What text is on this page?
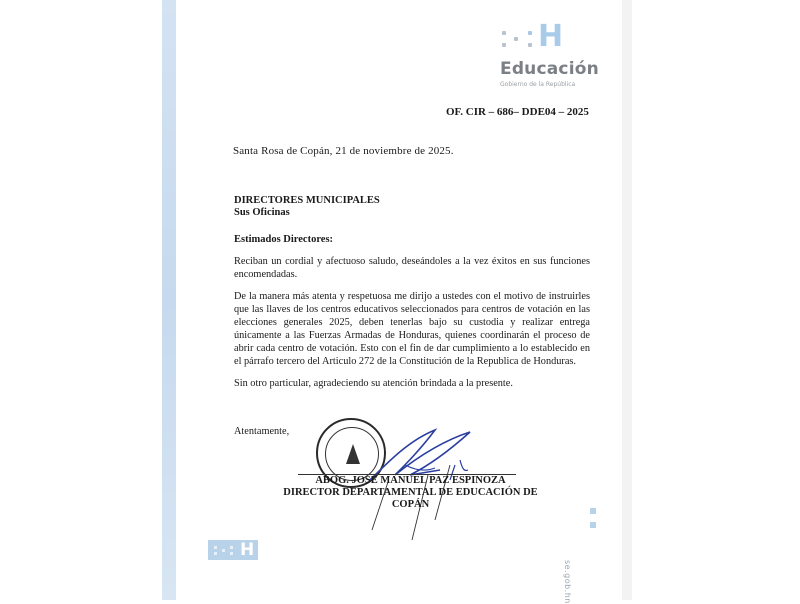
H
Educación
Gobierno de la República
OF. CIR – 686– DDE04 – 2025
Santa Rosa de Copán, 21 de noviembre de 2025.
DIRECTORES MUNICIPALES
Sus Oficinas
Estimados Directores:
Reciban un cordial y afectuoso saludo, deseándoles a la vez éxitos en sus funciones encomendadas.
De la manera más atenta y respetuosa me dirijo a ustedes con el motivo de instruirles que las llaves de los centros educativos seleccionados para centros de votación en las elecciones generales 2025, deben tenerlas bajo su custodia y realizar entrega únicamente a las Fuerzas Armadas de Honduras, quienes coordinarán el proceso de abrir cada centro de votación. Esto con el fin de dar cumplimiento a lo establecido en el párrafo tercero del Articulo 272 de la Constitución de la Republica de Honduras.
Sin otro particular, agradeciendo su atención brindada a la presente.
Atentamente,
ABOG. JOSE MANUEL PAZ ESPINOZA
DIRECTOR DEPARTAMENTAL DE EDUCACIÓN DE COPÁN
H
se.gob.hn
